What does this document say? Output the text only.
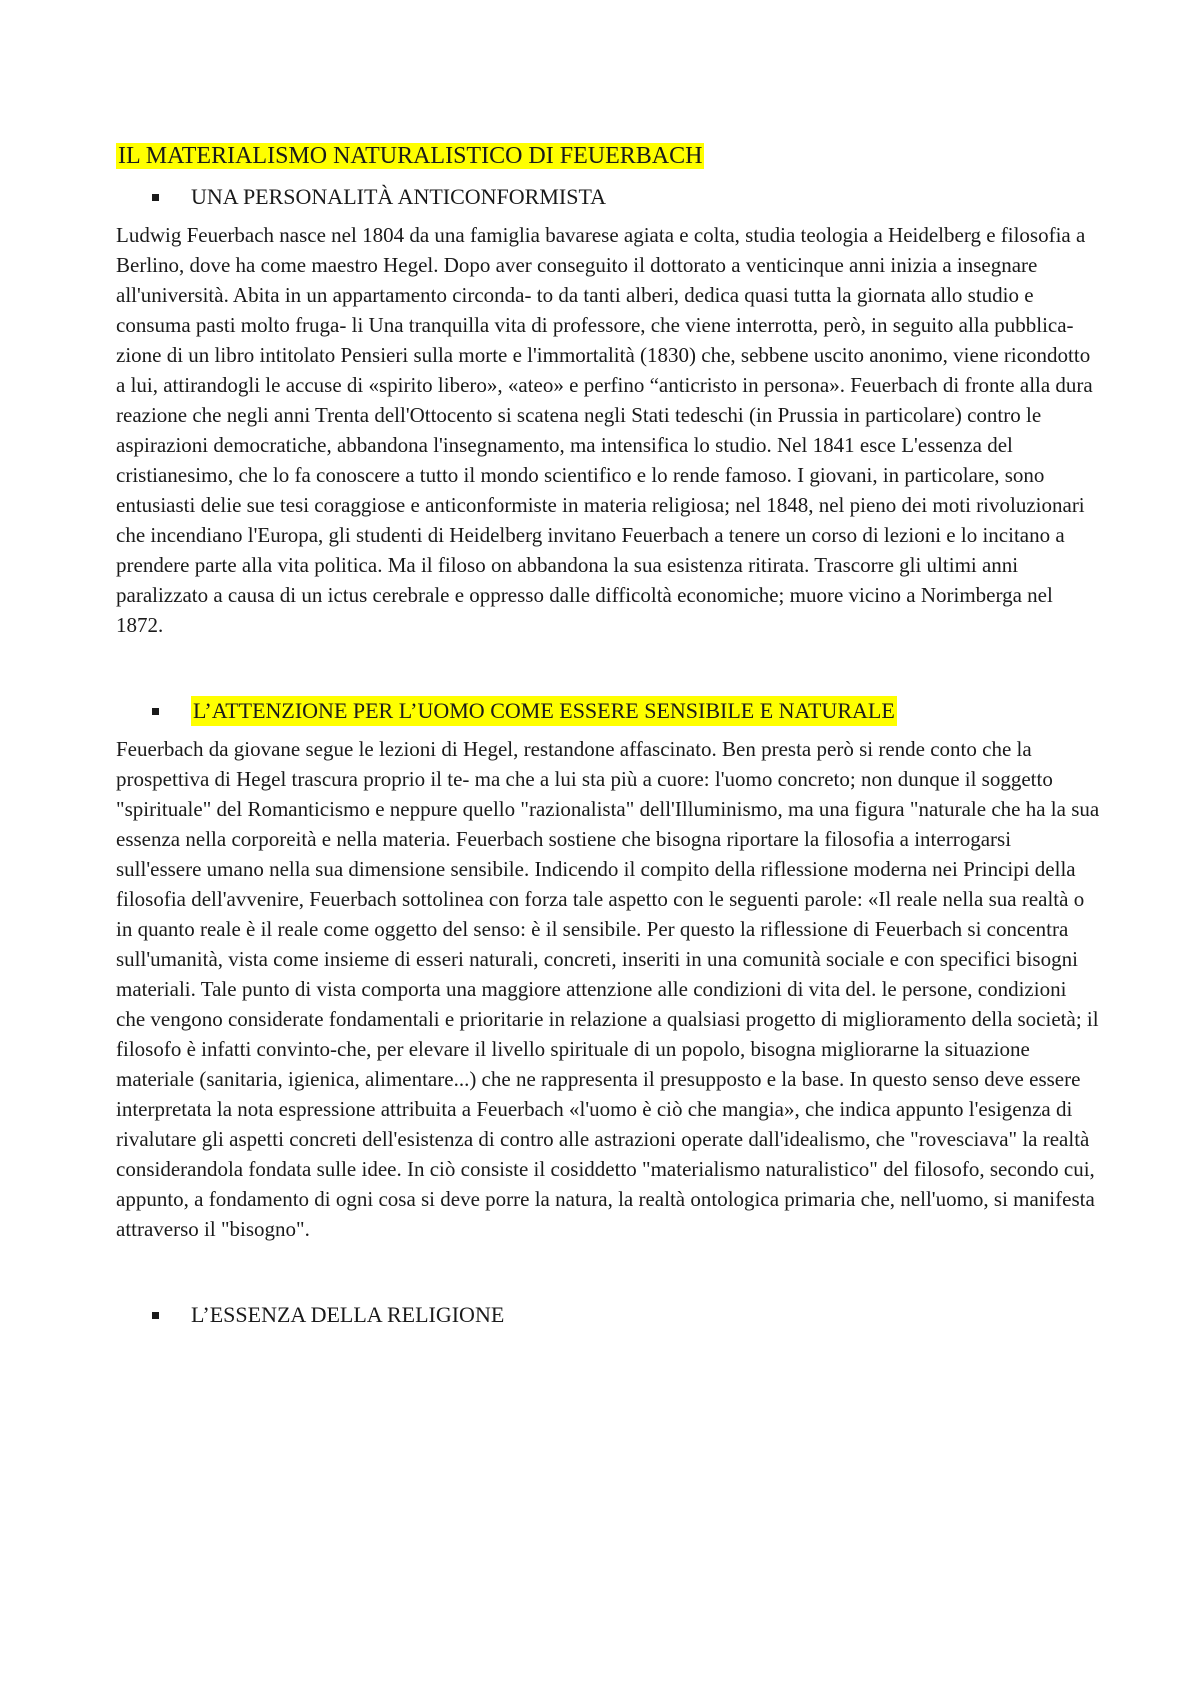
IL MATERIALISMO NATURALISTICO DI FEUERBACH
UNA PERSONALITÀ ANTICONFORMISTA

Ludwig Feuerbach nasce nel 1804 da una famiglia bavarese agiata e colta, studia teologia a Heidelberg e filosofia a Berlino, dove ha come maestro Hegel. Dopo aver conseguito il dottorato a venticinque anni inizia a insegnare all'università. Abita in un appartamento circonda- to da tanti alberi, dedica quasi tutta la giornata allo studio e consuma pasti molto fruga- li Una tranquilla vita di professore, che viene interrotta, però, in seguito alla pubblica- zione di un libro intitolato Pensieri sulla morte e l'immortalità (1830) che, sebbene uscito anonimo, viene ricondotto a lui, attirandogli le accuse di «spirito libero», «ateo» e perfino “anticristo in persona». Feuerbach di fronte alla dura reazione che negli anni Trenta dell'Ottocento si scatena negli Stati tedeschi (in Prussia in particolare) contro le aspirazioni democratiche, abbandona l'insegnamento, ma intensifica lo studio. Nel 1841 esce L'essenza del cristianesimo, che lo fa conoscere a tutto il mondo scientifico e lo rende famoso. I giovani, in particolare, sono entusiasti delie sue tesi coraggiose e anticonformiste in materia religiosa; nel 1848, nel pieno dei moti rivoluzionari che incendiano l'Europa, gli studenti di Heidelberg invitano Feuerbach a tenere un corso di lezioni e lo incitano a prendere parte alla vita politica. Ma il filoso on abbandona la sua esistenza ritirata. Trascorre gli ultimi anni paralizzato a causa di un ictus cerebrale e oppresso dalle difficoltà economiche; muore vicino a Norimberga nel 1872.

L’ATTENZIONE PER L’UOMO COME ESSERE SENSIBILE E NATURALE

Feuerbach da giovane segue le lezioni di Hegel, restandone affascinato. Ben presta però si rende conto che la prospettiva di Hegel trascura proprio il te- ma che a lui sta più a cuore: l'uomo concreto; non dunque il soggetto "spirituale" del Romanticismo e neppure quello "razionalista" dell'Illuminismo, ma una figura "naturale che ha la sua essenza nella corporeità e nella materia. Feuerbach sostiene che bisogna riportare la filosofia a interrogarsi sull'essere umano nella sua dimensione sensibile. Indicendo il compito della riflessione moderna nei Principi della filosofia dell'avvenire, Feuerbach sottolinea con forza tale aspetto con le seguenti parole: «Il reale nella sua realtà o in quanto reale è il reale come oggetto del senso: è il sensibile. Per questo la riflessione di Feuerbach si concentra sull'umanità, vista come insieme di esseri naturali, concreti, inseriti in una comunità sociale e con specifici bisogni materiali. Tale punto di vista comporta una maggiore attenzione alle condizioni di vita del. le persone, condizioni che vengono considerate fondamentali e prioritarie in relazione a qualsiasi progetto di miglioramento della società; il filosofo è infatti convinto-che, per elevare il livello spirituale di un popolo, bisogna migliorarne la situazione materiale (sanitaria, igienica, alimentare...) che ne rappresenta il presupposto e la base. In questo senso deve essere interpretata la nota espressione attribuita a Feuerbach «l'uomo è ciò che mangia», che indica appunto l'esigenza di rivalutare gli aspetti concreti dell'esistenza di contro alle astrazioni operate dall'idealismo, che "rovesciava" la realtà considerandola fondata sulle idee. In ciò consiste il cosiddetto "materialismo naturalistico" del filosofo, secondo cui, appunto, a fondamento di ogni cosa si deve porre la natura, la realtà ontologica primaria che, nell'uomo, si manifesta attraverso il "bisogno".

L’ESSENZA DELLA RELIGIONE
